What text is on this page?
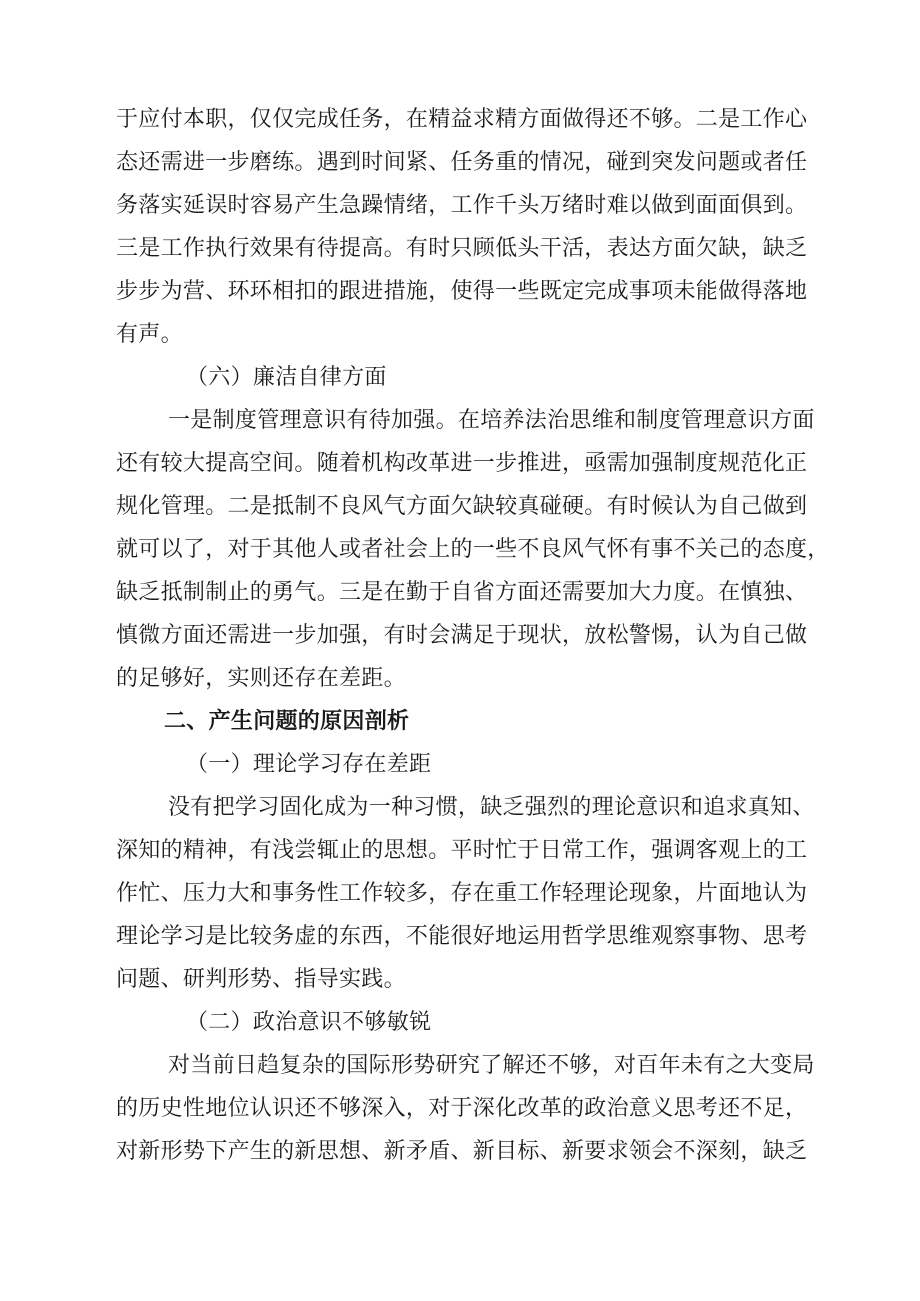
于应付本职，仅仅完成任务，在精益求精方面做得还不够。二是工作心
态还需进一步磨练。遇到时间紧、任务重的情况，碰到突发问题或者任
务落实延误时容易产生急躁情绪，工作千头万绪时难以做到面面俱到。
三是工作执行效果有待提高。有时只顾低头干活，表达方面欠缺，缺乏
步步为营、环环相扣的跟进措施，使得一些既定完成事项未能做得落地
有声。
（六）廉洁自律方面
一是制度管理意识有待加强。在培养法治思维和制度管理意识方面
还有较大提高空间。随着机构改革进一步推进，亟需加强制度规范化正
规化管理。二是抵制不良风气方面欠缺较真碰硬。有时候认为自己做到
就可以了，对于其他人或者社会上的一些不良风气怀有事不关己的态度，
缺乏抵制制止的勇气。三是在勤于自省方面还需要加大力度。在慎独、
慎微方面还需进一步加强，有时会满足于现状，放松警惕，认为自己做
的足够好，实则还存在差距。
二、产生问题的原因剖析
（一）理论学习存在差距
没有把学习固化成为一种习惯，缺乏强烈的理论意识和追求真知、
深知的精神，有浅尝辄止的思想。平时忙于日常工作，强调客观上的工
作忙、压力大和事务性工作较多，存在重工作轻理论现象，片面地认为
理论学习是比较务虚的东西，不能很好地运用哲学思维观察事物、思考
问题、研判形势、指导实践。
（二）政治意识不够敏锐
对当前日趋复杂的国际形势研究了解还不够，对百年未有之大变局
的历史性地位认识还不够深入，对于深化改革的政治意义思考还不足，
对新形势下产生的新思想、新矛盾、新目标、新要求领会不深刻，缺乏
